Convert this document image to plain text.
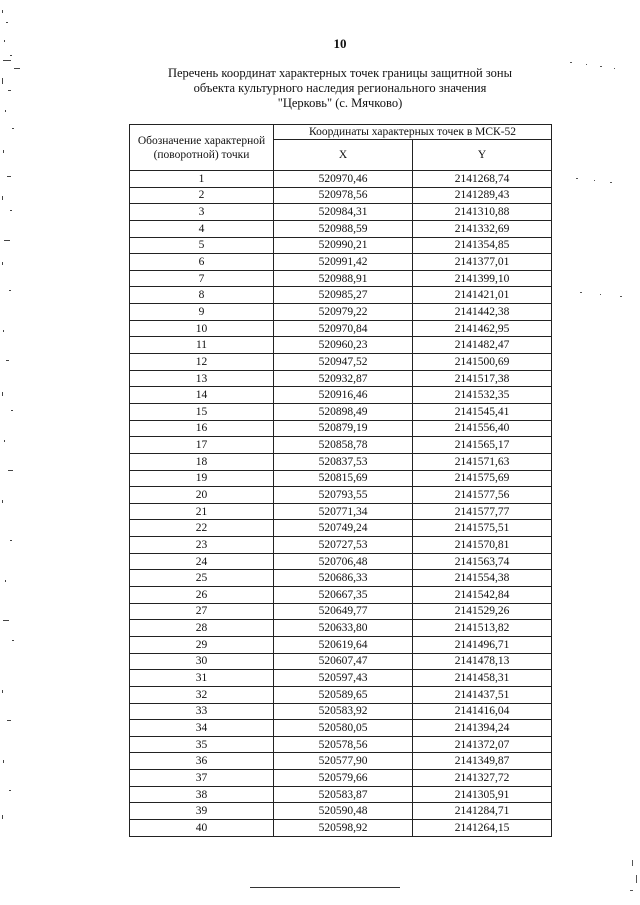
10
Перечень координат характерных точек границы защитной зоны
объекта культурного наследия регионального значения
"Церковь" (с. Мячково)
Обозначение характерной (поворотной) точки	Координаты характерных точек в МСК-52	
	X	Y
1	520970,46	2141268,74
2	520978,56	2141289,43
3	520984,31	2141310,88
4	520988,59	2141332,69
5	520990,21	2141354,85
6	520991,42	2141377,01
7	520988,91	2141399,10
8	520985,27	2141421,01
9	520979,22	2141442,38
10	520970,84	2141462,95
11	520960,23	2141482,47
12	520947,52	2141500,69
13	520932,87	2141517,38
14	520916,46	2141532,35
15	520898,49	2141545,41
16	520879,19	2141556,40
17	520858,78	2141565,17
18	520837,53	2141571,63
19	520815,69	2141575,69
20	520793,55	2141577,56
21	520771,34	2141577,77
22	520749,24	2141575,51
23	520727,53	2141570,81
24	520706,48	2141563,74
25	520686,33	2141554,38
26	520667,35	2141542,84
27	520649,77	2141529,26
28	520633,80	2141513,82
29	520619,64	2141496,71
30	520607,47	2141478,13
31	520597,43	2141458,31
32	520589,65	2141437,51
33	520583,92	2141416,04
34	520580,05	2141394,24
35	520578,56	2141372,07
36	520577,90	2141349,87
37	520579,66	2141327,72
38	520583,87	2141305,91
39	520590,48	2141284,71
40	520598,92	2141264,15
